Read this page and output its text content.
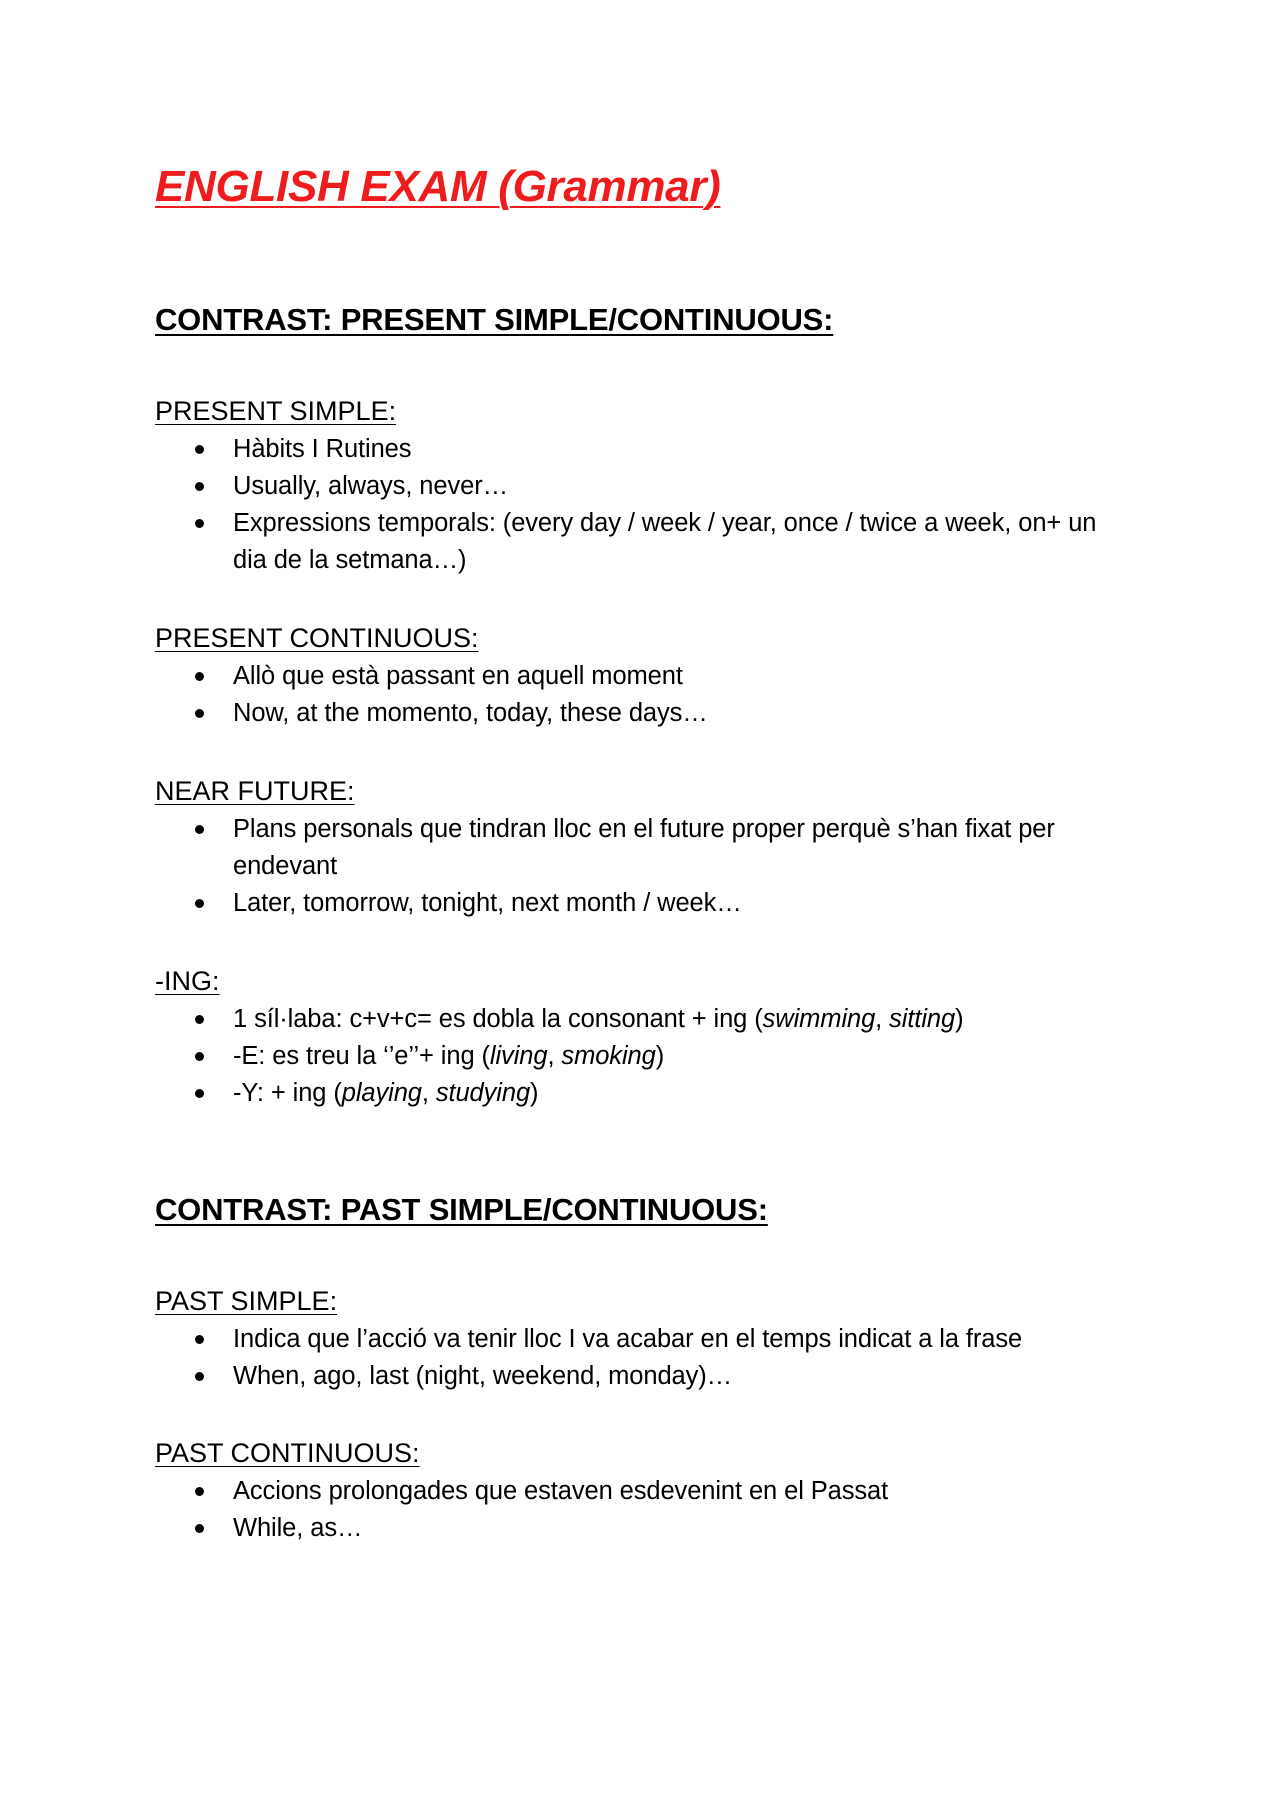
ENGLISH EXAM (Grammar)
CONTRAST: PRESENT SIMPLE/CONTINUOUS:
PRESENT SIMPLE:
Hàbits I Rutines
Usually, always, never…
Expressions temporals: (every day / week / year, once / twice a week, on+ un dia de la setmana…)
PRESENT CONTINUOUS:
Allò que està passant en aquell moment
Now, at the momento, today, these days…
NEAR FUTURE:
Plans personals que tindran lloc en el future proper perquè s’han fixat per endevant
Later, tomorrow, tonight, next month / week…
-ING:
1 síl·laba: c+v+c= es dobla la consonant + ing (swimming, sitting)
-E: es treu la ‘’e’’+ ing (living, smoking)
-Y: + ing (playing, studying)
CONTRAST: PAST SIMPLE/CONTINUOUS:
PAST SIMPLE:
Indica que l’acció va tenir lloc I va acabar en el temps indicat a la frase
When, ago, last (night, weekend, monday)…
PAST CONTINUOUS:
Accions prolongades que estaven esdevenint en el Passat
While, as…
